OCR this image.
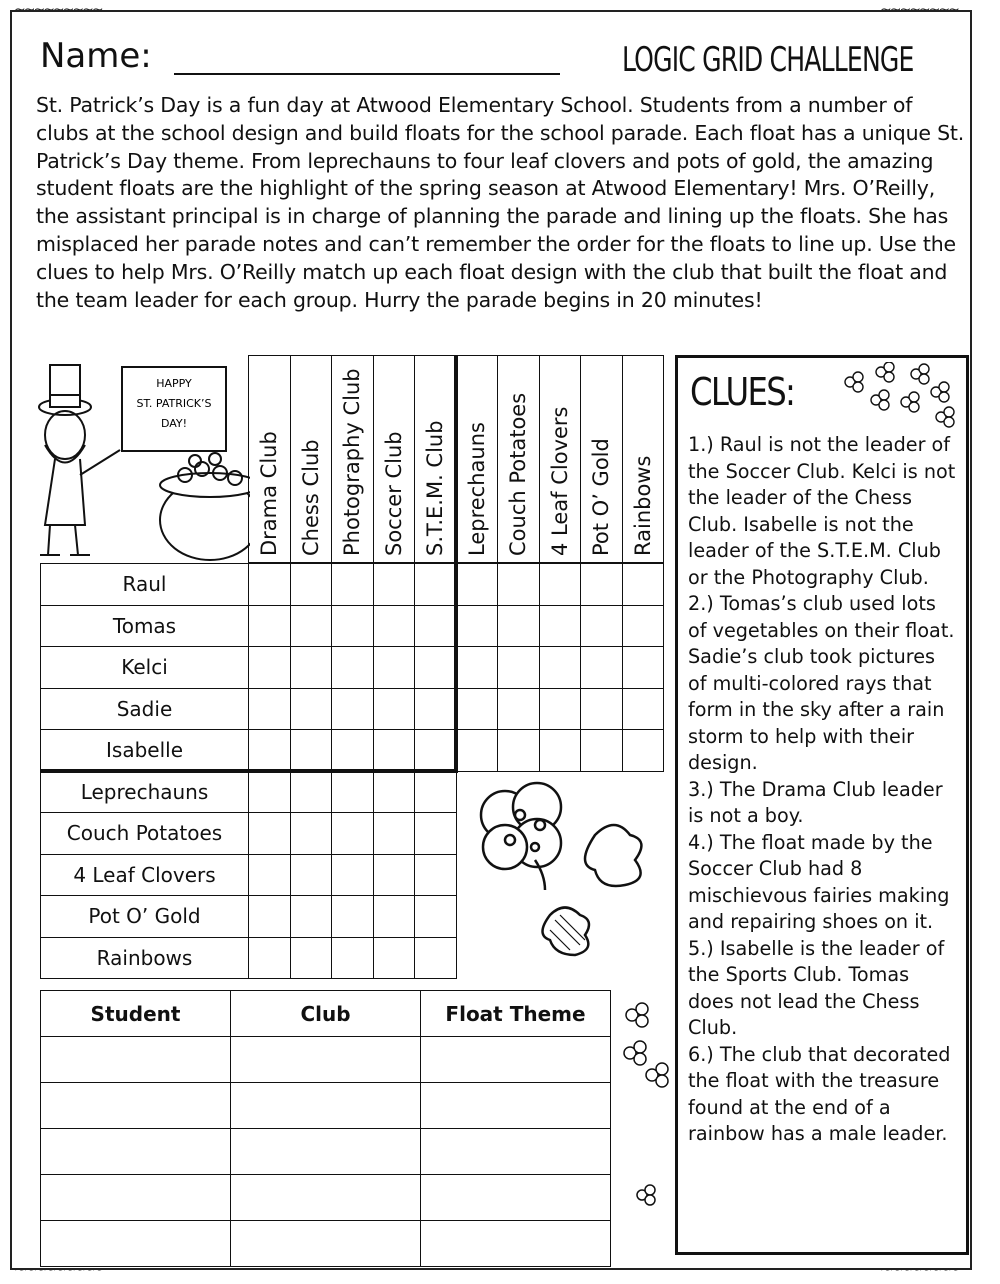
~~~~~~~~~	~~~~~~~~
~~~~~~~~~	~~~~~~~~
Name:	LOGIC GRID CHALLENGE

St. Patrick’s Day is a fun day at Atwood Elementary School. Students from a number of clubs at the school design and build floats for the school parade. Each float has a unique St. Patrick’s Day theme. From leprechauns to four leaf clovers and pots of gold, the amazing student floats are the highlight of the spring season at Atwood Elementary! Mrs. O’Reilly, the assistant principal is in charge of planning the parade and lining up the floats. She has misplaced her parade notes and can’t remember the order for the floats to line up. Use the clues to help Mrs. O’Reilly match up each float design with the club that built the float and the team leader for each group. Hurry the parade begins in 20 minutes!

HAPPY
ST. PATRICK’S
DAY!
Drama Club Chess Club Photography Club Soccer Club S.T.E.M. Club Leprechauns Couch Potatoes 4 Leaf Clovers Pot O’ Gold Rainbows
Raul
Tomas
Kelci
Sadie
Isabelle
Leprechauns
Couch Potatoes
4 Leaf Clovers
Pot O’ Gold
Rainbows
Student	Club	Float Theme

CLUES:

1.) Raul is not the leader of the Soccer Club. Kelci is not the leader of the Chess Club. Isabelle is not the leader of the S.T.E.M. Club or the Photography Club.

2.) Tomas’s club used lots of vegetables on their float. Sadie’s club took pictures of multi-colored rays that form in the sky after a rain storm to help with their design.

3.) The Drama Club leader is not a boy.

4.) The float made by the Soccer Club had 8 mischievous fairies making and repairing shoes on it.

5.) Isabelle is the leader of the Sports Club. Tomas does not lead the Chess Club.

6.) The club that decorated the float with the treasure found at the end of a rainbow has a male leader.
